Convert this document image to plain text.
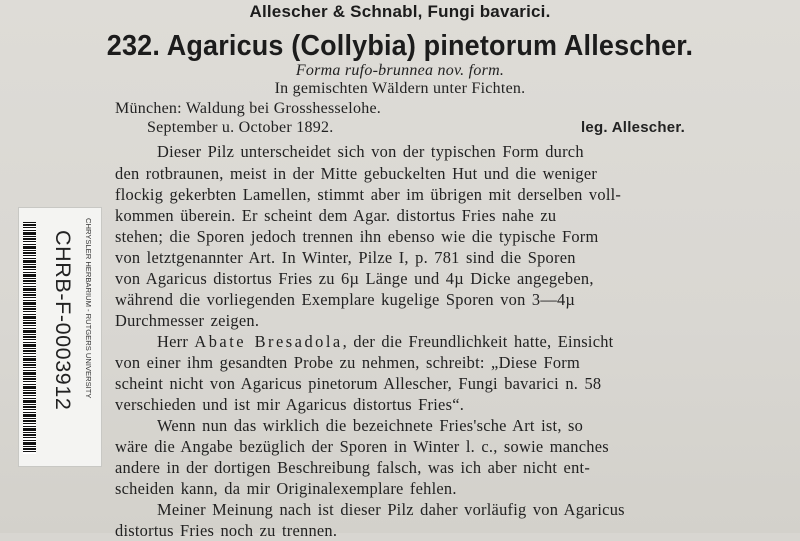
Allescher & Schnabl, Fungi bavarici.
232. Agaricus (Collybia) pinetorum Allescher.
Forma rufo-brunnea nov. form.
In gemischten Wäldern unter Fichten.
München: Waldung bei Grosshesselohe.
September u. October 1892.	leg. Allescher.
Dieser Pilz unterscheidet sich von der typischen Form durch
den rotbraunen, meist in der Mitte gebuckelten Hut und die weniger
flockig gekerbten Lamellen, stimmt aber im übrigen mit derselben voll-
kommen überein. Er scheint dem Agar. distortus Fries nahe zu
stehen; die Sporen jedoch trennen ihn ebenso wie die typische Form
von letztgenannter Art. In Winter, Pilze I, p. 781 sind die Sporen
von Agaricus distortus Fries zu 6µ Länge und 4µ Dicke angegeben,
während die vorliegenden Exemplare kugelige Sporen von 3—4µ
Durchmesser zeigen.
Herr Abate Bresadola, der die Freundlichkeit hatte, Einsicht
von einer ihm gesandten Probe zu nehmen, schreibt: „Diese Form
scheint nicht von Agaricus pinetorum Allescher, Fungi bavarici n. 58
verschieden und ist mir Agaricus distortus Fries“.
Wenn nun das wirklich die bezeichnete Fries'sche Art ist, so
wäre die Angabe bezüglich der Sporen in Winter l. c., sowie manches
andere in der dortigen Beschreibung falsch, was ich aber nicht ent-
scheiden kann, da mir Originalexemplare fehlen.
Meiner Meinung nach ist dieser Pilz daher vorläufig von Agaricus
distortus Fries noch zu trennen.
CHRB-F-0003912 CHRYSLER HERBARIUM - RUTGERS UNIVERSITY
